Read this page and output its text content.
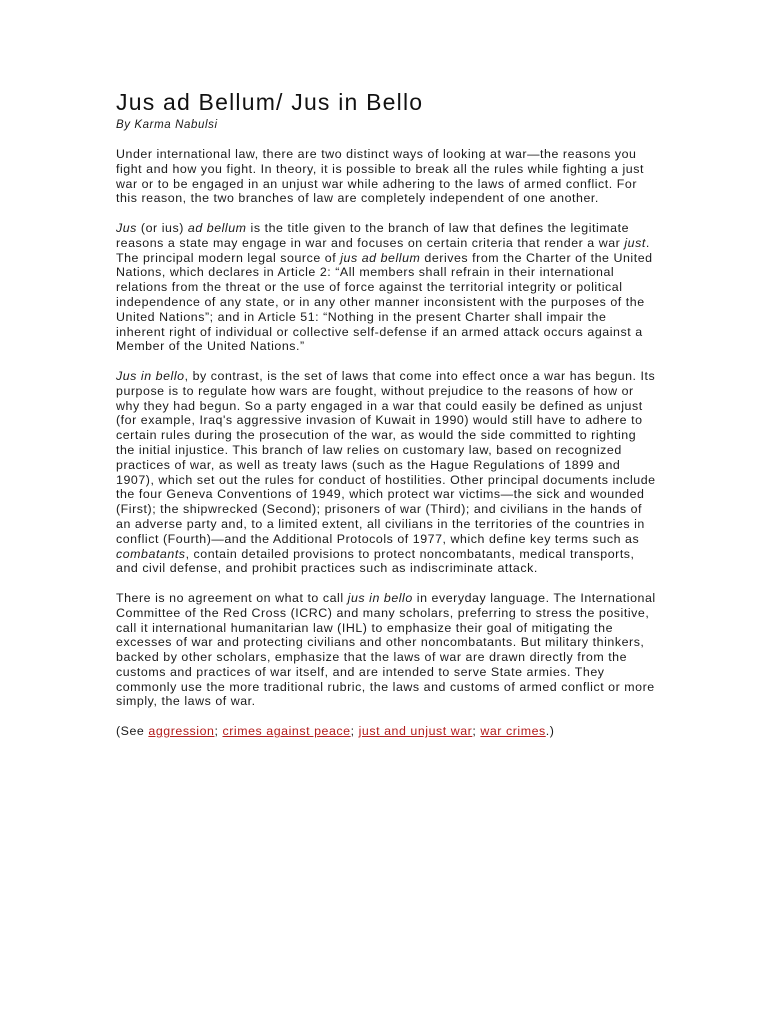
Jus ad Bellum/ Jus in Bello
By Karma Nabulsi

Under international law, there are two distinct ways of looking at war—the reasons you fight and how you fight. In theory, it is possible to break all the rules while fighting a just war or to be engaged in an unjust war while adhering to the laws of armed conflict. For this reason, the two branches of law are completely independent of one another.

Jus (or ius) ad bellum is the title given to the branch of law that defines the legitimate reasons a state may engage in war and focuses on certain criteria that render a war just. The principal modern legal source of jus ad bellum derives from the Charter of the United Nations, which declares in Article 2: “All members shall refrain in their international relations from the threat or the use of force against the territorial integrity or political independence of any state, or in any other manner inconsistent with the purposes of the United Nations”; and in Article 51: “Nothing in the present Charter shall impair the inherent right of individual or collective self-defense if an armed attack occurs against a Member of the United Nations.”

Jus in bello, by contrast, is the set of laws that come into effect once a war has begun. Its purpose is to regulate how wars are fought, without prejudice to the reasons of how or why they had begun. So a party engaged in a war that could easily be defined as unjust (for example, Iraq's aggressive invasion of Kuwait in 1990) would still have to adhere to certain rules during the prosecution of the war, as would the side committed to righting the initial injustice. This branch of law relies on customary law, based on recognized practices of war, as well as treaty laws (such as the Hague Regulations of 1899 and 1907), which set out the rules for conduct of hostilities. Other principal documents include the four Geneva Conventions of 1949, which protect war victims—the sick and wounded (First); the shipwrecked (Second); prisoners of war (Third); and civilians in the hands of an adverse party and, to a limited extent, all civilians in the territories of the countries in conflict (Fourth)—and the Additional Protocols of 1977, which define key terms such as combatants, contain detailed provisions to protect noncombatants, medical transports, and civil defense, and prohibit practices such as indiscriminate attack.

There is no agreement on what to call jus in bello in everyday language. The International Committee of the Red Cross (ICRC) and many scholars, preferring to stress the positive, call it international humanitarian law (IHL) to emphasize their goal of mitigating the excesses of war and protecting civilians and other noncombatants. But military thinkers, backed by other scholars, emphasize that the laws of war are drawn directly from the customs and practices of war itself, and are intended to serve State armies. They commonly use the more traditional rubric, the laws and customs of armed conflict or more simply, the laws of war.

(See aggression; crimes against peace; just and unjust war; war crimes.)
